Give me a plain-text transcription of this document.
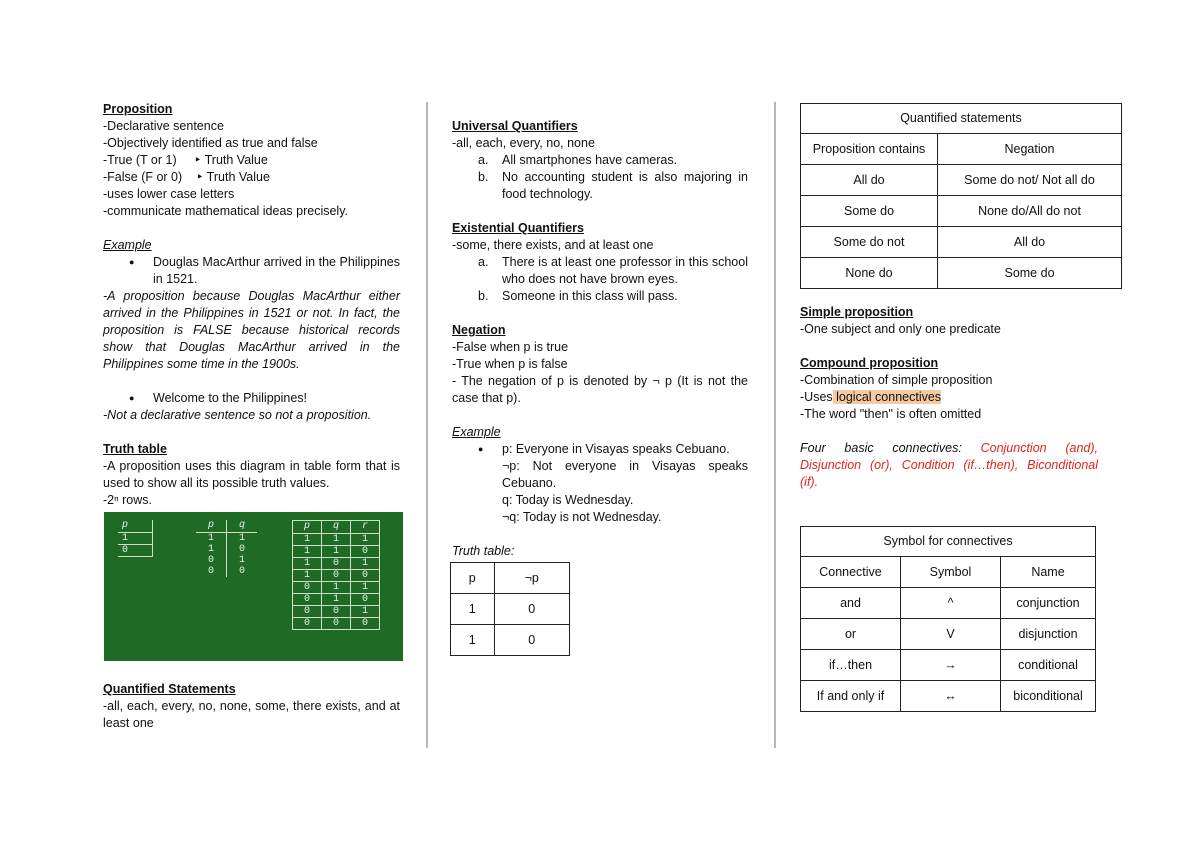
Proposition
-Declarative sentence
-Objectively identified as true and false
-True (T or 1)     ‣ Truth Value
-False (F or 0)    ‣ Truth Value
-uses lower case letters
-communicate mathematical ideas precisely.
Example
● Douglas MacArthur arrived in the Philippines in 1521.
-A proposition because Douglas MacArthur either arrived in the Philippines in 1521 or not. In fact, the proposition is FALSE because historical records show that Douglas MacArthur arrived in the Philippines some time in the 1900s.
● Welcome to the Philippines!
-Not a declarative sentence so not a proposition.
Truth table
-A proposition uses this diagram in table form that is used to show all its possible truth values.
-2ⁿ rows.
p
1
0
p	q
1	1
1	0
0	1
0	0
p	q	r
1	1	1
1	1	0
1	0	1
1	0	0
0	1	1
0	1	0
0	0	1
0	0	0
Quantified Statements
-all, each, every, no, none, some, there exists, and at least one
Universal Quantifiers
-all, each, every, no, none
a. All smartphones have cameras.
b. No accounting student is also majoring in food technology.
Existential Quantifiers
-some, there exists, and at least one
a. There is at least one professor in this school who does not have brown eyes.
b. Someone in this class will pass.
Negation
-False when p is true
-True when p is false
- The negation of p is denoted by ¬ p (It is not the case that p).
Example
● p: Everyone in Visayas speaks Cebuano.
¬p: Not everyone in Visayas speaks Cebuano.
q: Today is Wednesday.
¬q: Today is not Wednesday.
Truth table:
p	¬p
1	0
1	0
Quantified statements	
Proposition contains	Negation
All do	Some do not/ Not all do
Some do	None do/All do not
Some do not	All do
None do	Some do
Simple proposition
-One subject and only one predicate
Compound proposition
-Combination of simple proposition
-Uses logical connectives
-The word "then" is often omitted
Four basic connectives: Conjunction (and), Disjunction (or), Condition (if…then), Biconditional (if).
Symbol for connectives		
Connective	Symbol	Name
and	^	conjunction
or	V	disjunction
if…then	→	conditional
If and only if	↔	biconditional
